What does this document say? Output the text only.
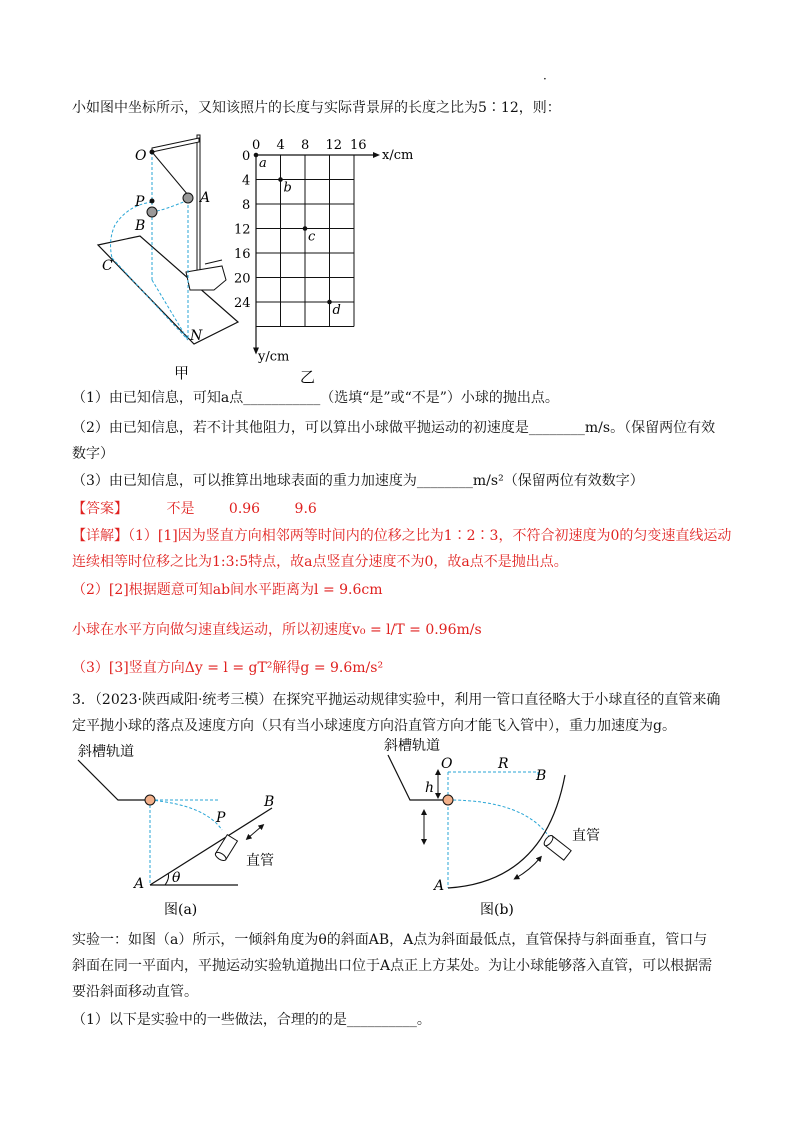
·
小如图中坐标所示，又知该照片的长度与实际背景屏的长度之比为5∶12，则：
O
P	A
B
C
N
甲
0 4 8 12 16
0
4
8
12
16
20
24
x/cm
y/cm
a
b
c
d
乙
（1）由已知信息，可知a点___________（选填“是”或“不是”）小球的抛出点。
（2）由已知信息，若不计其他阻力，可以算出小球做平抛运动的初速度是________m/s。（保留两位有效
数字）
（3）由已知信息，可以推算出地球表面的重力加速度为________m/s²（保留两位有效数字）
【答案】	不是 0.96 9.6
【详解】（1）[1]因为竖直方向相邻两等时间内的位移之比为1∶2∶3，不符合初速度为0的匀变速直线运动
连续相等时位移之比为1:3:5特点，故a点竖直分速度不为0，故a点不是抛出点。
（2）[2]根据题意可知ab间水平距离为l = 9.6cm
小球在水平方向做匀速直线运动，所以初速度v₀ = l/T = 0.96m/s
（3）[3]竖直方向Δy = l = gT²解得g = 9.6m/s²
3．（2023·陕西咸阳·统考三模）在探究平抛运动规律实验中，利用一管口直径略大于小球直径的直管来确
定平抛小球的落点及速度方向（只有当小球速度方向沿直管方向才能飞入管中），重力加速度为g。
斜槽轨道
P
B
A θ
直管
图(a)
斜槽轨道
O	R
B
h
A
直管
图(b)
实验一：如图（a）所示，一倾斜角度为θ的斜面AB，A点为斜面最低点，直管保持与斜面垂直，管口与
斜面在同一平面内，平抛运动实验轨道抛出口位于A点正上方某处。为让小球能够落入直管，可以根据需
要沿斜面移动直管。
（1）以下是实验中的一些做法，合理的的是__________。
